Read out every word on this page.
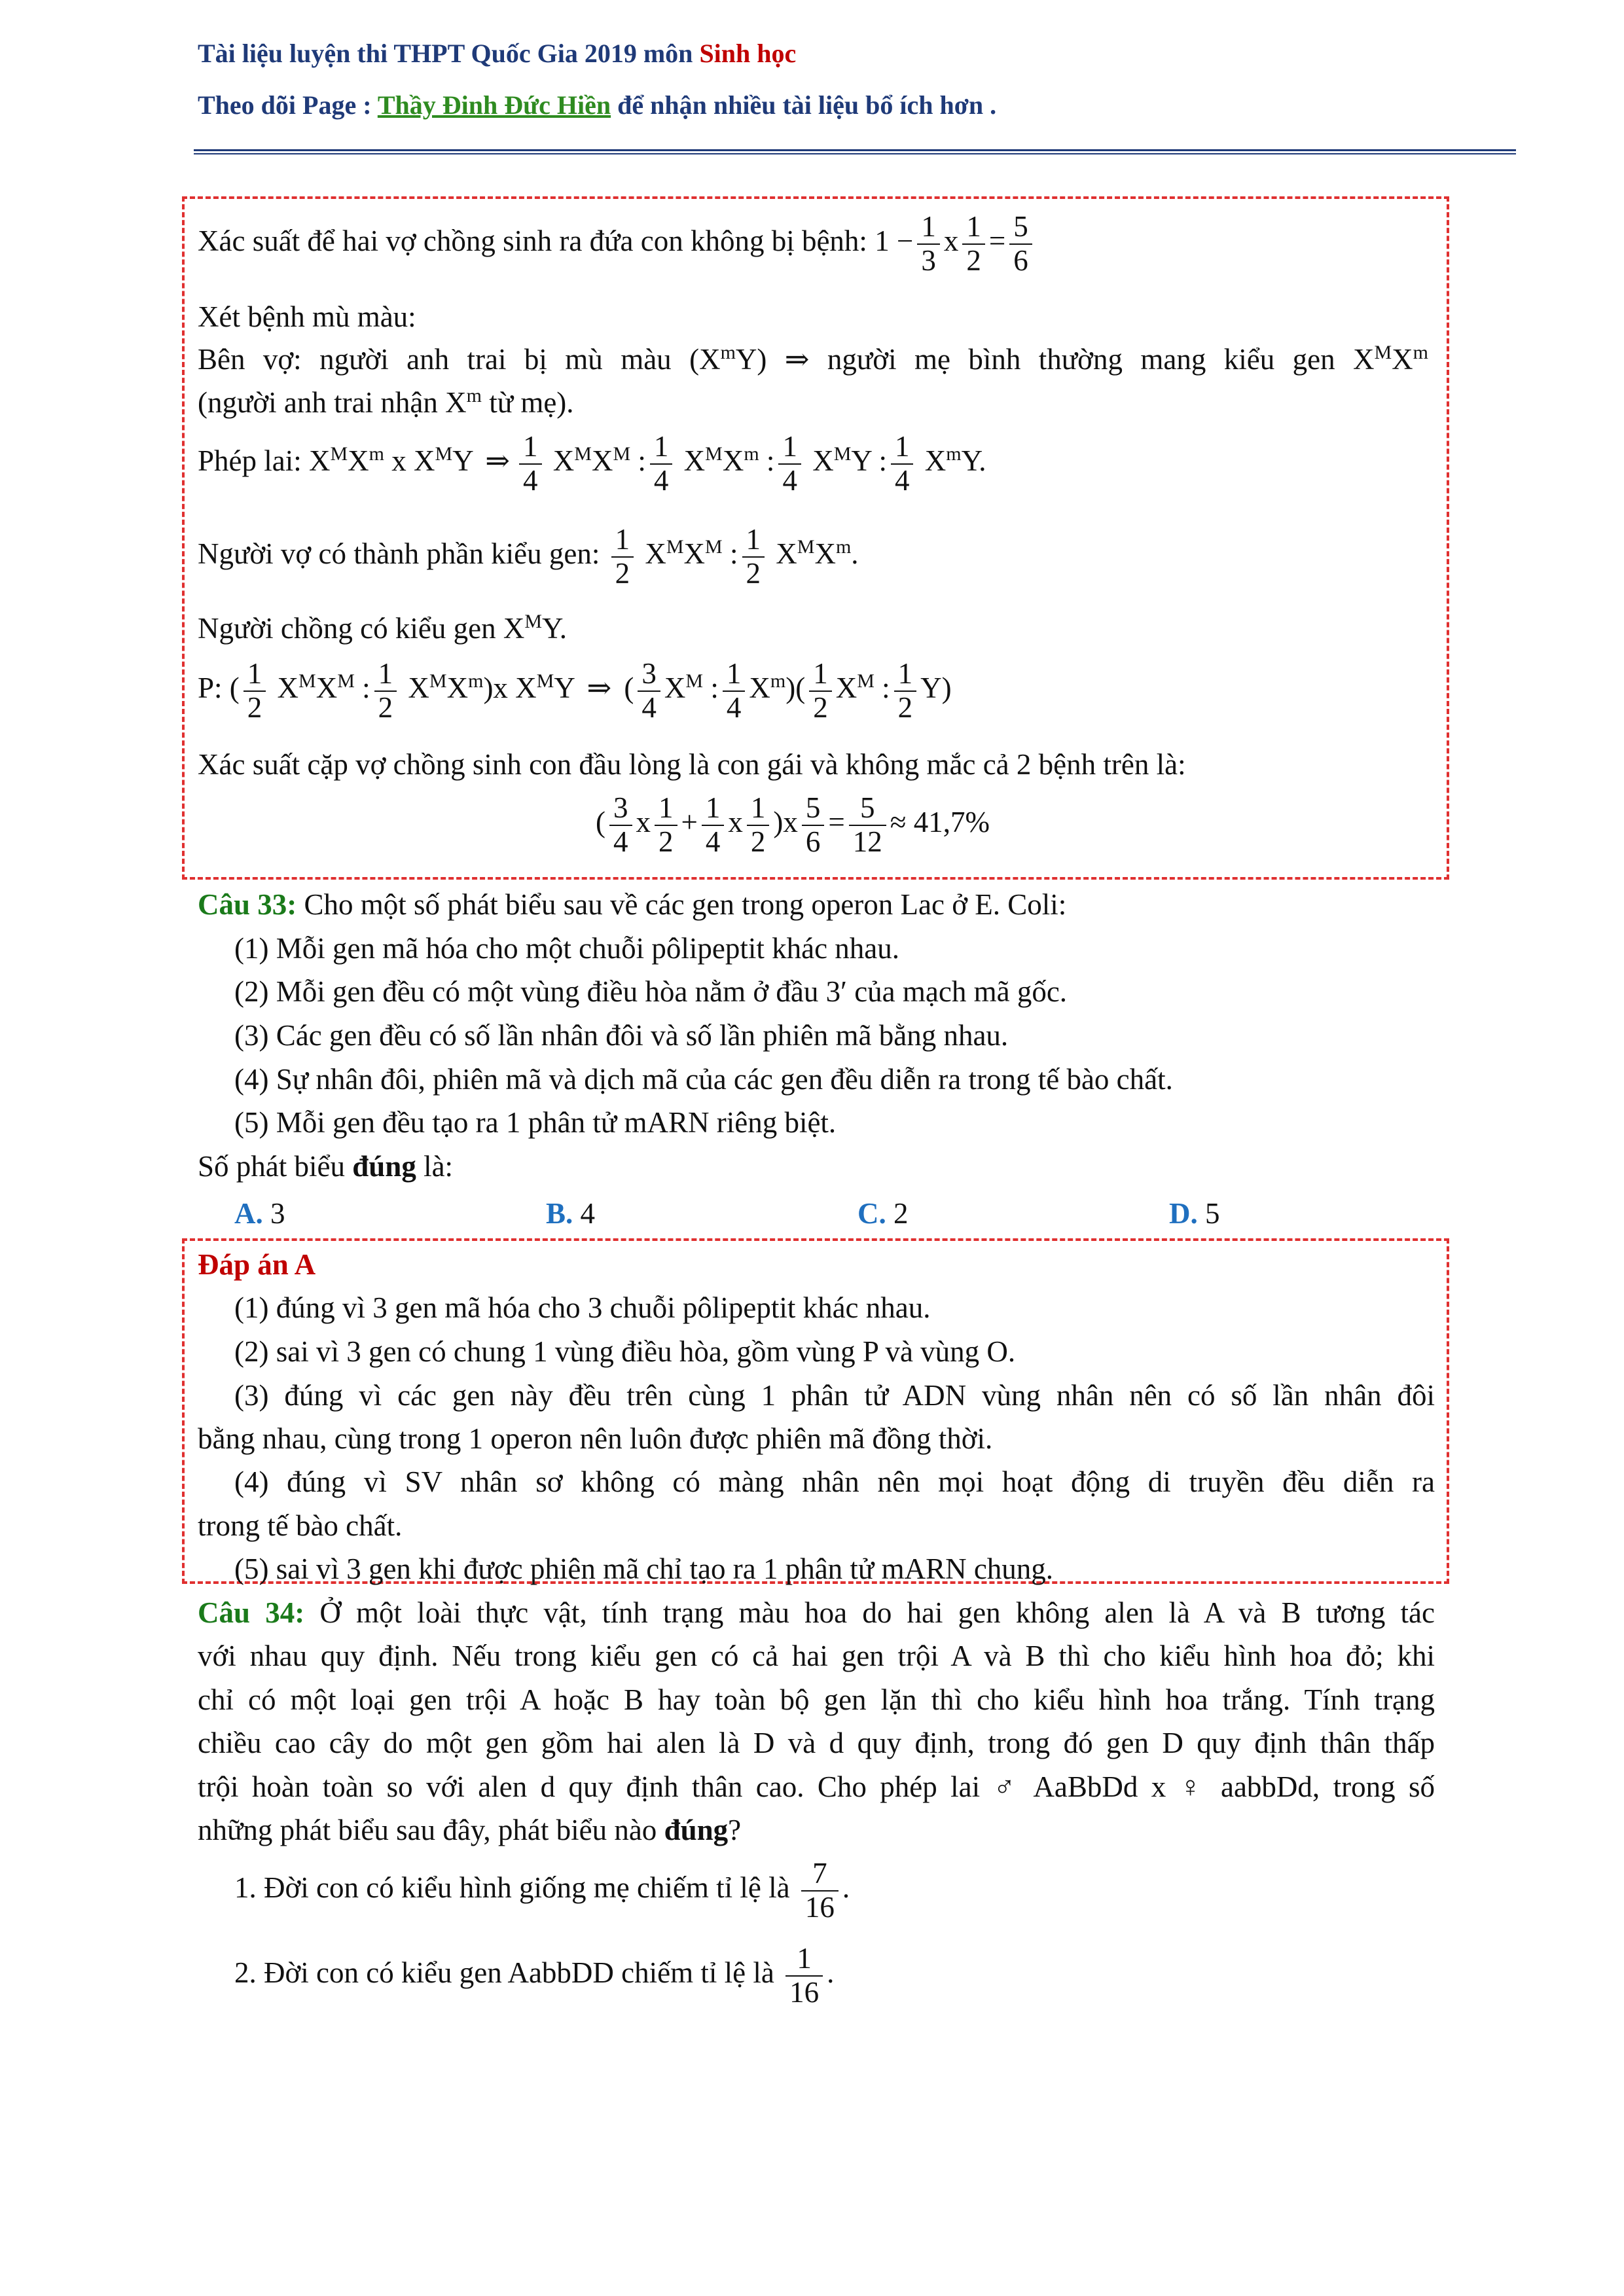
Tài liệu luyện thi THPT Quốc Gia 2019 môn Sinh học
Theo dõi Page : Thầy Đinh Đức Hiền để nhận nhiều tài liệu bổ ích hơn .
Xác suất để hai vợ chồng sinh ra đứa con không bị bệnh: $1 - \frac{1}{3}$ x $\frac{1}{2} = \frac{5}{6}$
Xét bệnh mù màu:
Bên vợ: người anh trai bị mù màu $(X^mY)$ ⇒ người mẹ bình thường mang kiểu gen $X^MX^m$
(người anh trai nhận $X^m$ từ mẹ).
Phép lai: $X^MX^m$ x $X^MY$ ⇒ $\frac{1}{4} X^MX^M$ : $\frac{1}{4} X^MX^m$ : $\frac{1}{4} X^MY$ : $\frac{1}{4} X^mY$.
Người vợ có thành phần kiểu gen: $\frac{1}{2} X^MX^M$ : $\frac{1}{2} X^MX^m$.
Người chồng có kiểu gen $X^MY$.
P: ( $\frac{1}{2} X^MX^M$ : $\frac{1}{2} X^MX^m)x$ $X^MY$ ⇒ ( $\frac{3}{4} X^M$ : $\frac{1}{4} X^m)( \frac{1}{2} X^M$ : $\frac{1}{2} Y$)
Xác suất cặp vợ chồng sinh con đầu lòng là con gái và không mắc cả 2 bệnh trên là:
( $\frac{3}{4}$ x $\frac{1}{2} + \frac{1}{4}$ x $\frac{1}{2} )x \frac{5}{6} = \frac{5}{12} \approx 41,7\%$
Câu 33: Cho một số phát biểu sau về các gen trong operon Lac ở E. Coli:
(1) Mỗi gen mã hóa cho một chuỗi pôlipeptit khác nhau.
(2) Mỗi gen đều có một vùng điều hòa nằm ở đầu 3′ của mạch mã gốc.
(3) Các gen đều có số lần nhân đôi và số lần phiên mã bằng nhau.
(4) Sự nhân đôi, phiên mã và dịch mã của các gen đều diễn ra trong tế bào chất.
(5) Mỗi gen đều tạo ra 1 phân tử mARN riêng biệt.
Số phát biểu đúng là:
A. 3	B. 4	C. 2	D. 5
Đáp án A
(1) đúng vì 3 gen mã hóa cho 3 chuỗi pôlipeptit khác nhau.
(2) sai vì 3 gen có chung 1 vùng điều hòa, gồm vùng P và vùng O.
(3) đúng vì các gen này đều trên cùng 1 phân tử ADN vùng nhân nên có số lần nhân đôi
bằng nhau, cùng trong 1 operon nên luôn được phiên mã đồng thời.
(4) đúng vì SV nhân sơ không có màng nhân nên mọi hoạt động di truyền đều diễn ra
trong tế bào chất.
(5) sai vì 3 gen khi được phiên mã chỉ tạo ra 1 phân tử mARN chung.
Câu 34: Ở một loài thực vật, tính trạng màu hoa do hai gen không alen là A và B tương tác
với nhau quy định. Nếu trong kiểu gen có cả hai gen trội A và B thì cho kiểu hình hoa đỏ; khi
chỉ có một loại gen trội A hoặc B hay toàn bộ gen lặn thì cho kiểu hình hoa trắng. Tính trạng
chiều cao cây do một gen gồm hai alen là D và d quy định, trong đó gen D quy định thân thấp
trội hoàn toàn so với alen d quy định thân cao. Cho phép lai ♂ AaBbDd x ♀ aabbDd, trong số
những phát biểu sau đây, phát biểu nào đúng?
1. Đời con có kiểu hình giống mẹ chiếm tỉ lệ là $\frac{7}{16}$ .
2. Đời con có kiểu gen AabbDD chiếm tỉ lệ là $\frac{1}{16}$ .
